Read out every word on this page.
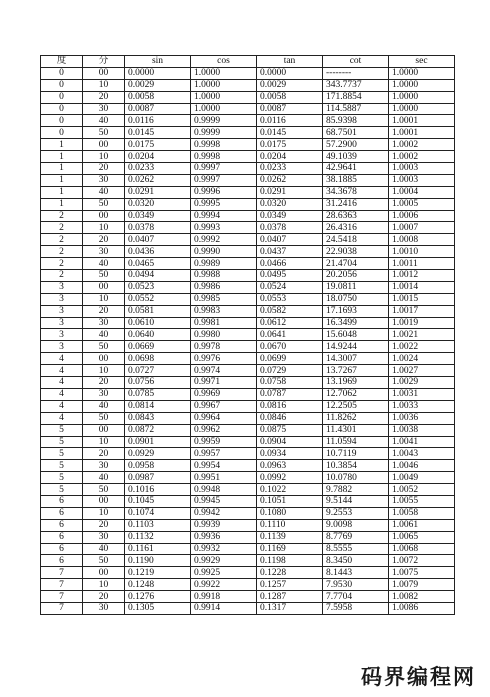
度	分	sin	cos	tan	cot	sec
0	00	0.0000	1.0000	0.0000	--------	1.0000
0	10	0.0029	1.0000	0.0029	343.7737	1.0000
0	20	0.0058	1.0000	0.0058	171.8854	1.0000
0	30	0.0087	1.0000	0.0087	114.5887	1.0000
0	40	0.0116	0.9999	0.0116	85.9398	1.0001
0	50	0.0145	0.9999	0.0145	68.7501	1.0001
1	00	0.0175	0.9998	0.0175	57.2900	1.0002
1	10	0.0204	0.9998	0.0204	49.1039	1.0002
1	20	0.0233	0.9997	0.0233	42.9641	1.0003
1	30	0.0262	0.9997	0.0262	38.1885	1.0003
1	40	0.0291	0.9996	0.0291	34.3678	1.0004
1	50	0.0320	0.9995	0.0320	31.2416	1.0005
2	00	0.0349	0.9994	0.0349	28.6363	1.0006
2	10	0.0378	0.9993	0.0378	26.4316	1.0007
2	20	0.0407	0.9992	0.0407	24.5418	1.0008
2	30	0.0436	0.9990	0.0437	22.9038	1.0010
2	40	0.0465	0.9989	0.0466	21.4704	1.0011
2	50	0.0494	0.9988	0.0495	20.2056	1.0012
3	00	0.0523	0.9986	0.0524	19.0811	1.0014
3	10	0.0552	0.9985	0.0553	18.0750	1.0015
3	20	0.0581	0.9983	0.0582	17.1693	1.0017
3	30	0.0610	0.9981	0.0612	16.3499	1.0019
3	40	0.0640	0.9980	0.0641	15.6048	1.0021
3	50	0.0669	0.9978	0.0670	14.9244	1.0022
4	00	0.0698	0.9976	0.0699	14.3007	1.0024
4	10	0.0727	0.9974	0.0729	13.7267	1.0027
4	20	0.0756	0.9971	0.0758	13.1969	1.0029
4	30	0.0785	0.9969	0.0787	12.7062	1.0031
4	40	0.0814	0.9967	0.0816	12.2505	1.0033
4	50	0.0843	0.9964	0.0846	11.8262	1.0036
5	00	0.0872	0.9962	0.0875	11.4301	1.0038
5	10	0.0901	0.9959	0.0904	11.0594	1.0041
5	20	0.0929	0.9957	0.0934	10.7119	1.0043
5	30	0.0958	0.9954	0.0963	10.3854	1.0046
5	40	0.0987	0.9951	0.0992	10.0780	1.0049
5	50	0.1016	0.9948	0.1022	9.7882	1.0052
6	00	0.1045	0.9945	0.1051	9.5144	1.0055
6	10	0.1074	0.9942	0.1080	9.2553	1.0058
6	20	0.1103	0.9939	0.1110	9.0098	1.0061
6	30	0.1132	0.9936	0.1139	8.7769	1.0065
6	40	0.1161	0.9932	0.1169	8.5555	1.0068
6	50	0.1190	0.9929	0.1198	8.3450	1.0072
7	00	0.1219	0.9925	0.1228	8.1443	1.0075
7	10	0.1248	0.9922	0.1257	7.9530	1.0079
7	20	0.1276	0.9918	0.1287	7.7704	1.0082
7	30	0.1305	0.9914	0.1317	7.5958	1.0086
码界编程网
